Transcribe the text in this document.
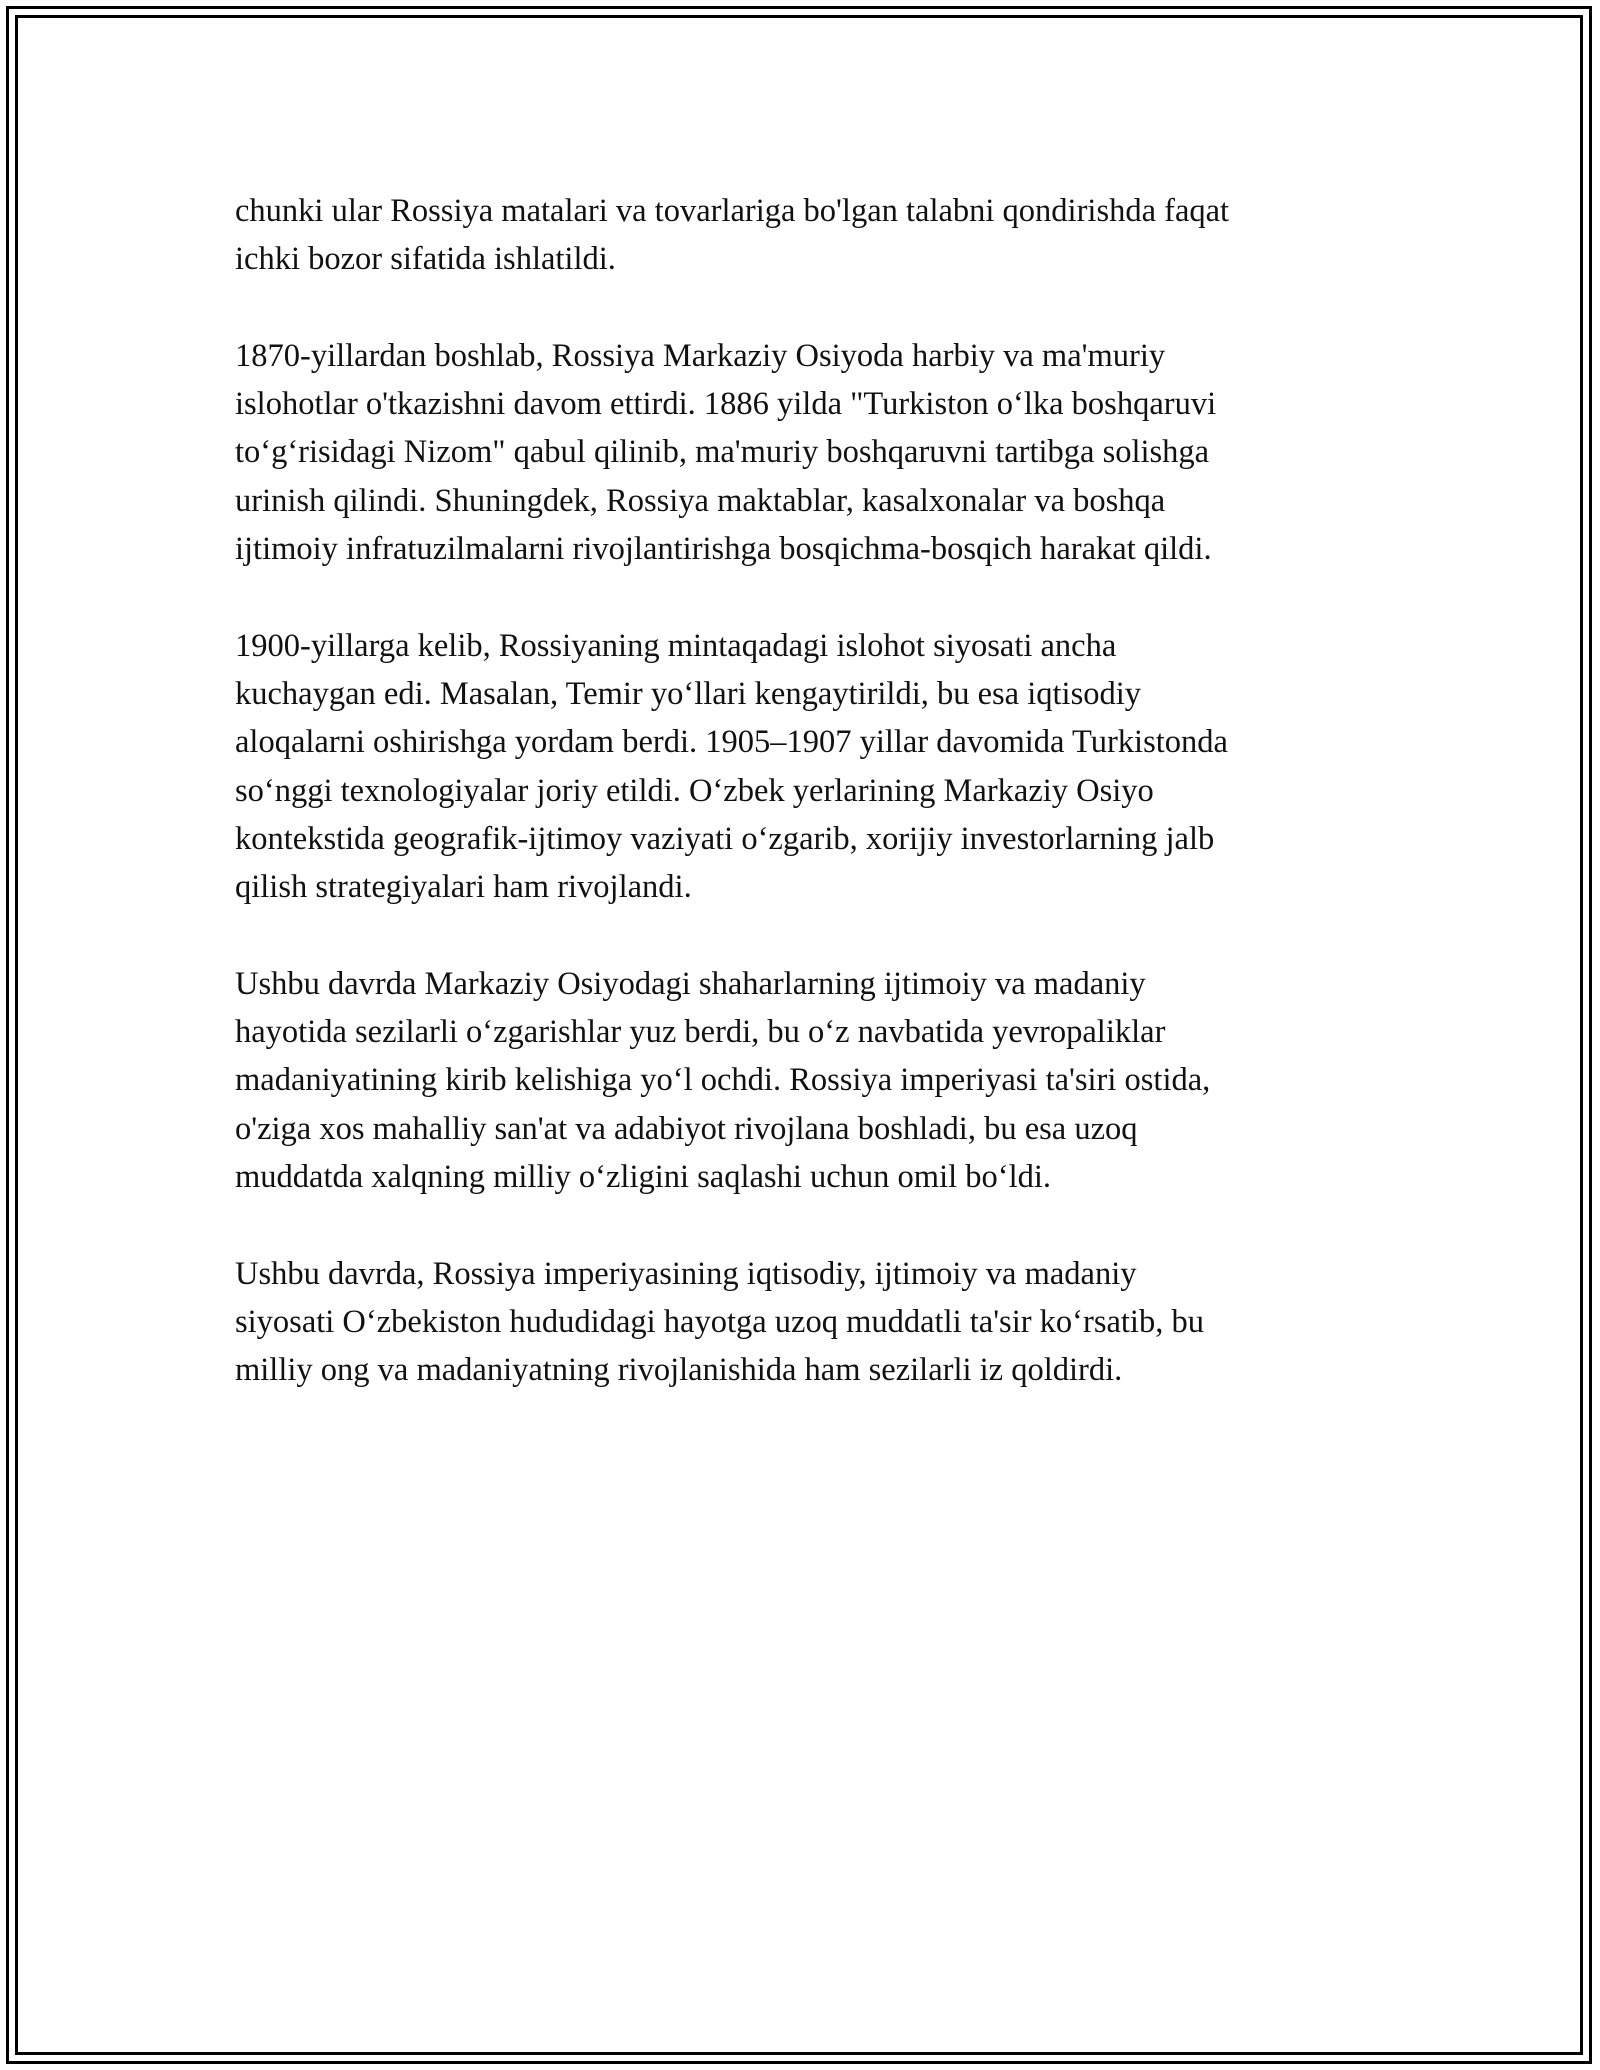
chunki ular Rossiya matalari va tovarlariga bo'lgan talabni qondirishda faqat
ichki bozor sifatida ishlatildi.

1870-yillardan boshlab, Rossiya Markaziy Osiyoda harbiy va ma'muriy
islohotlar o'tkazishni davom ettirdi. 1886 yilda "Turkiston o‘lka boshqaruvi
to‘g‘risidagi Nizom" qabul qilinib, ma'muriy boshqaruvni tartibga solishga
urinish qilindi. Shuningdek, Rossiya maktablar, kasalxonalar va boshqa
ijtimoiy infratuzilmalarni rivojlantirishga bosqichma-bosqich harakat qildi.

1900-yillarga kelib, Rossiyaning mintaqadagi islohot siyosati ancha
kuchaygan edi. Masalan, Temir yo‘llari kengaytirildi, bu esa iqtisodiy
aloqalarni oshirishga yordam berdi. 1905–1907 yillar davomida Turkistonda
so‘nggi texnologiyalar joriy etildi. O‘zbek yerlarining Markaziy Osiyo
kontekstida geografik-ijtimoy vaziyati o‘zgarib, xorijiy investorlarning jalb
qilish strategiyalari ham rivojlandi.

Ushbu davrda Markaziy Osiyodagi shaharlarning ijtimoiy va madaniy
hayotida sezilarli o‘zgarishlar yuz berdi, bu o‘z navbatida yevropaliklar
madaniyatining kirib kelishiga yo‘l ochdi. Rossiya imperiyasi ta'siri ostida,
o'ziga xos mahalliy san'at va adabiyot rivojlana boshladi, bu esa uzoq
muddatda xalqning milliy o‘zligini saqlashi uchun omil bo‘ldi.

Ushbu davrda, Rossiya imperiyasining iqtisodiy, ijtimoiy va madaniy
siyosati O‘zbekiston hududidagi hayotga uzoq muddatli ta'sir ko‘rsatib, bu
milliy ong va madaniyatning rivojlanishida ham sezilarli iz qoldirdi.
